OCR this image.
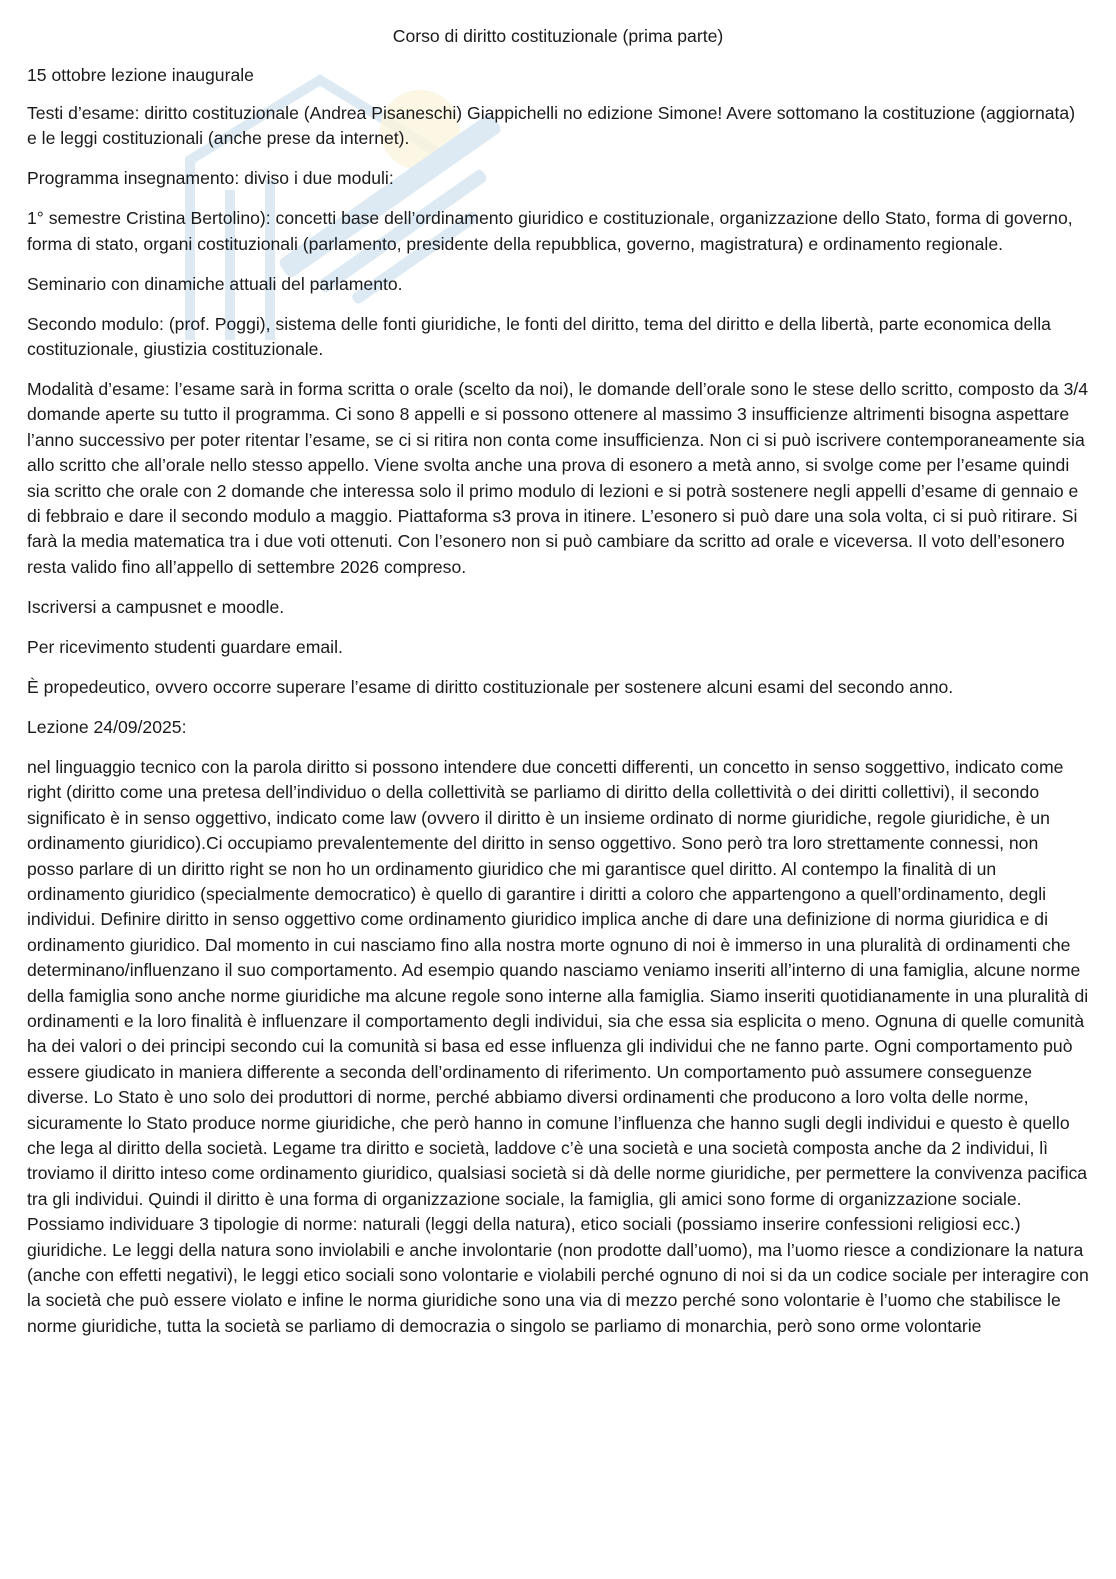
Corso di diritto costituzionale (prima parte)

15 ottobre lezione inaugurale

Testi d’esame: diritto costituzionale (Andrea Pisaneschi) Giappichelli no edizione Simone! Avere sottomano la costituzione (aggiornata) e le leggi costituzionali (anche prese da internet).

Programma insegnamento: diviso i due moduli:

1° semestre Cristina Bertolino): concetti base dell’ordinamento giuridico e costituzionale, organizzazione dello Stato, forma di governo, forma di stato, organi costituzionali (parlamento, presidente della repubblica, governo, magistratura) e ordinamento regionale.

Seminario con dinamiche attuali del parlamento.

Secondo modulo: (prof. Poggi), sistema delle fonti giuridiche, le fonti del diritto, tema del diritto e della libertà, parte economica della costituzionale, giustizia costituzionale.

Modalità d’esame: l’esame sarà in forma scritta o orale (scelto da noi), le domande dell’orale sono le stese dello scritto, composto da 3/4 domande aperte su tutto il programma. Ci sono 8 appelli e si possono ottenere al massimo 3 insufficienze altrimenti bisogna aspettare l’anno successivo per poter ritentar l’esame, se ci si ritira non conta come insufficienza. Non ci si può iscrivere contemporaneamente sia allo scritto che all’orale nello stesso appello. Viene svolta anche una prova di esonero a metà anno, si svolge come per l’esame quindi sia scritto che orale con 2 domande che interessa solo il primo modulo di lezioni e si potrà sostenere negli appelli d’esame di gennaio e di febbraio e dare il secondo modulo a maggio. Piattaforma s3 prova in itinere. L’esonero si può dare una sola volta, ci si può ritirare. Si farà la media matematica tra i due voti ottenuti. Con l’esonero non si può cambiare da scritto ad orale e viceversa. Il voto dell’esonero resta valido fino all’appello di settembre 2026 compreso.

Iscriversi a campusnet e moodle.

Per ricevimento studenti guardare email.

È propedeutico, ovvero occorre superare l’esame di diritto costituzionale per sostenere alcuni esami del secondo anno.

Lezione 24/09/2025:

nel linguaggio tecnico con la parola diritto si possono intendere due concetti differenti, un concetto in senso soggettivo, indicato come right (diritto come una pretesa dell’individuo o della collettività se parliamo di diritto della collettività o dei diritti collettivi), il secondo significato è in senso oggettivo, indicato come law (ovvero il diritto è un insieme ordinato di norme giuridiche, regole giuridiche, è un ordinamento giuridico).Ci occupiamo prevalentemente del diritto in senso oggettivo. Sono però tra loro strettamente connessi, non posso parlare di un diritto right se non ho un ordinamento giuridico che mi garantisce quel diritto. Al contempo la finalità di un ordinamento giuridico (specialmente democratico) è quello di garantire i diritti a coloro che appartengono a quell’ordinamento, degli individui. Definire diritto in senso oggettivo come ordinamento giuridico implica anche di dare una definizione di norma giuridica e di ordinamento giuridico. Dal momento in cui nasciamo fino alla nostra morte ognuno di noi è immerso in una pluralità di ordinamenti che determinano/influenzano il suo comportamento. Ad esempio quando nasciamo veniamo inseriti all’interno di una famiglia, alcune norme della famiglia sono anche norme giuridiche ma alcune regole sono interne alla famiglia. Siamo inseriti quotidianamente in una pluralità di ordinamenti e la loro finalità è influenzare il comportamento degli individui, sia che essa sia esplicita o meno. Ognuna di quelle comunità ha dei valori o dei principi secondo cui la comunità si basa ed esse influenza gli individui che ne fanno parte. Ogni comportamento può essere giudicato in maniera differente a seconda dell’ordinamento di riferimento. Un comportamento può assumere conseguenze diverse. Lo Stato è uno solo dei produttori di norme, perché abbiamo diversi ordinamenti che producono a loro volta delle norme, sicuramente lo Stato produce norme giuridiche, che però hanno in comune l’influenza che hanno sugli degli individui e questo è quello che lega al diritto della società. Legame tra diritto e società, laddove c’è una società e una società composta anche da 2 individui, lì troviamo il diritto inteso come ordinamento giuridico, qualsiasi società si dà delle norme giuridiche, per permettere la convivenza pacifica tra gli individui. Quindi il diritto è una forma di organizzazione sociale, la famiglia, gli amici sono forme di organizzazione sociale. Possiamo individuare 3 tipologie di norme: naturali (leggi della natura), etico sociali (possiamo inserire confessioni religiosi ecc.) giuridiche. Le leggi della natura sono inviolabili e anche involontarie (non prodotte dall’uomo), ma l’uomo riesce a condizionare la natura (anche con effetti negativi), le leggi etico sociali sono volontarie e violabili perché ognuno di noi si da un codice sociale per interagire con la società che può essere violato e infine le norma giuridiche sono una via di mezzo perché sono volontarie è l’uomo che stabilisce le norme giuridiche, tutta la società se parliamo di democrazia o singolo se parliamo di monarchia, però sono orme volontarie
